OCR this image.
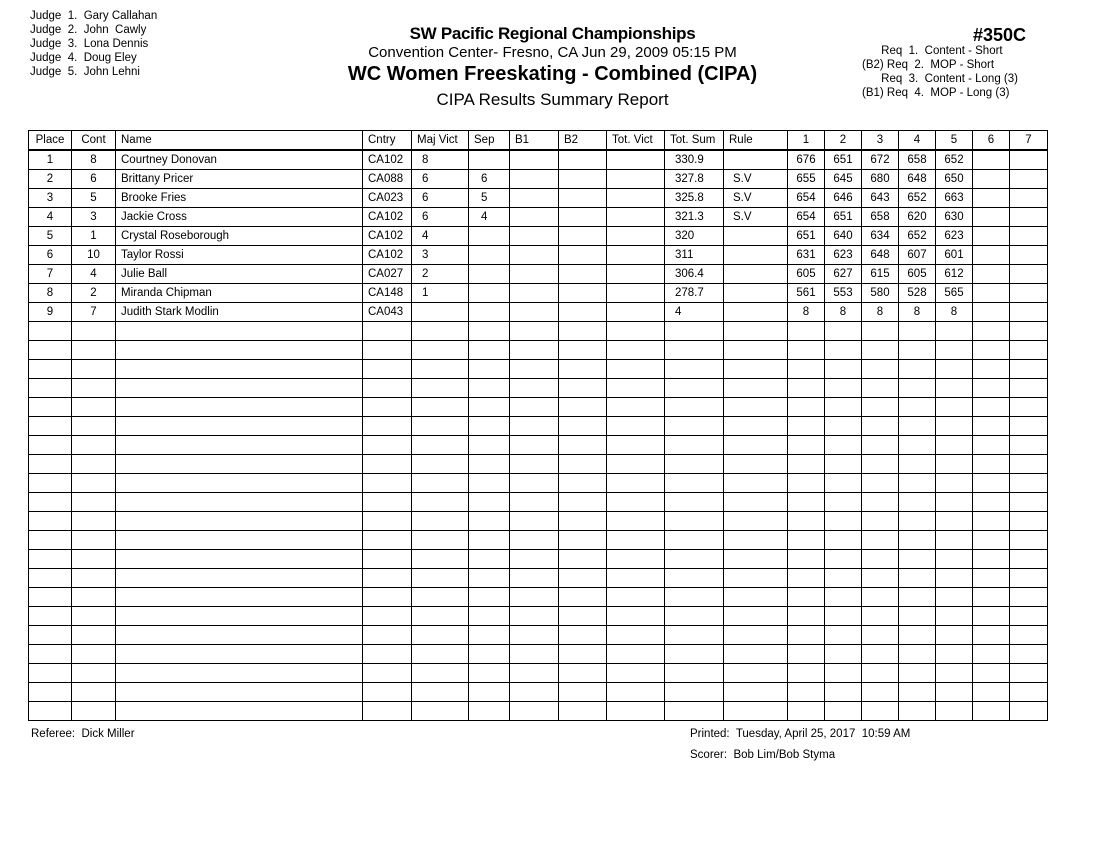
Judge  1.  Gary Callahan
Judge  2.  John  Cawly
Judge  3.  Lona Dennis
Judge  4.  Doug Eley
Judge  5.  John Lehni
SW Pacific Regional Championships
Convention Center- Fresno, CA Jun 29, 2009 05:15 PM
WC Women Freeskating - Combined (CIPA)
CIPA Results Summary Report
#350C
Req  1.  Content - Short
(B2) Req  2.  MOP - Short
Req  3.  Content - Long (3)
(B1) Req  4.  MOP - Long (3)
Place	Cont	Name	Cntry	Maj Vict	Sep	B1	B2	Tot. Vict	Tot. Sum	Rule	1	2	3	4	5	6	7
1	8	Courtney Donovan	CA102	8					330.9		676	651	672	658	652		
2	6	Brittany Pricer	CA088	6	6				327.8	S.V	655	645	680	648	650		
3	5	Brooke Fries	CA023	6	5				325.8	S.V	654	646	643	652	663		
4	3	Jackie Cross	CA102	6	4				321.3	S.V	654	651	658	620	630		
5	1	Crystal Roseborough	CA102	4					320		651	640	634	652	623		
6	10	Taylor Rossi	CA102	3					311		631	623	648	607	601		
7	4	Julie Ball	CA027	2					306.4		605	627	615	605	612		
8	2	Miranda Chipman	CA148	1					278.7		561	553	580	528	565		
9	7	Judith Stark Modlin	CA043						4		8	8	8	8	8		

Referee:  Dick Miller	Printed:  Tuesday, April 25, 2017  10:59 AM
Scorer:  Bob Lim/Bob Styma
